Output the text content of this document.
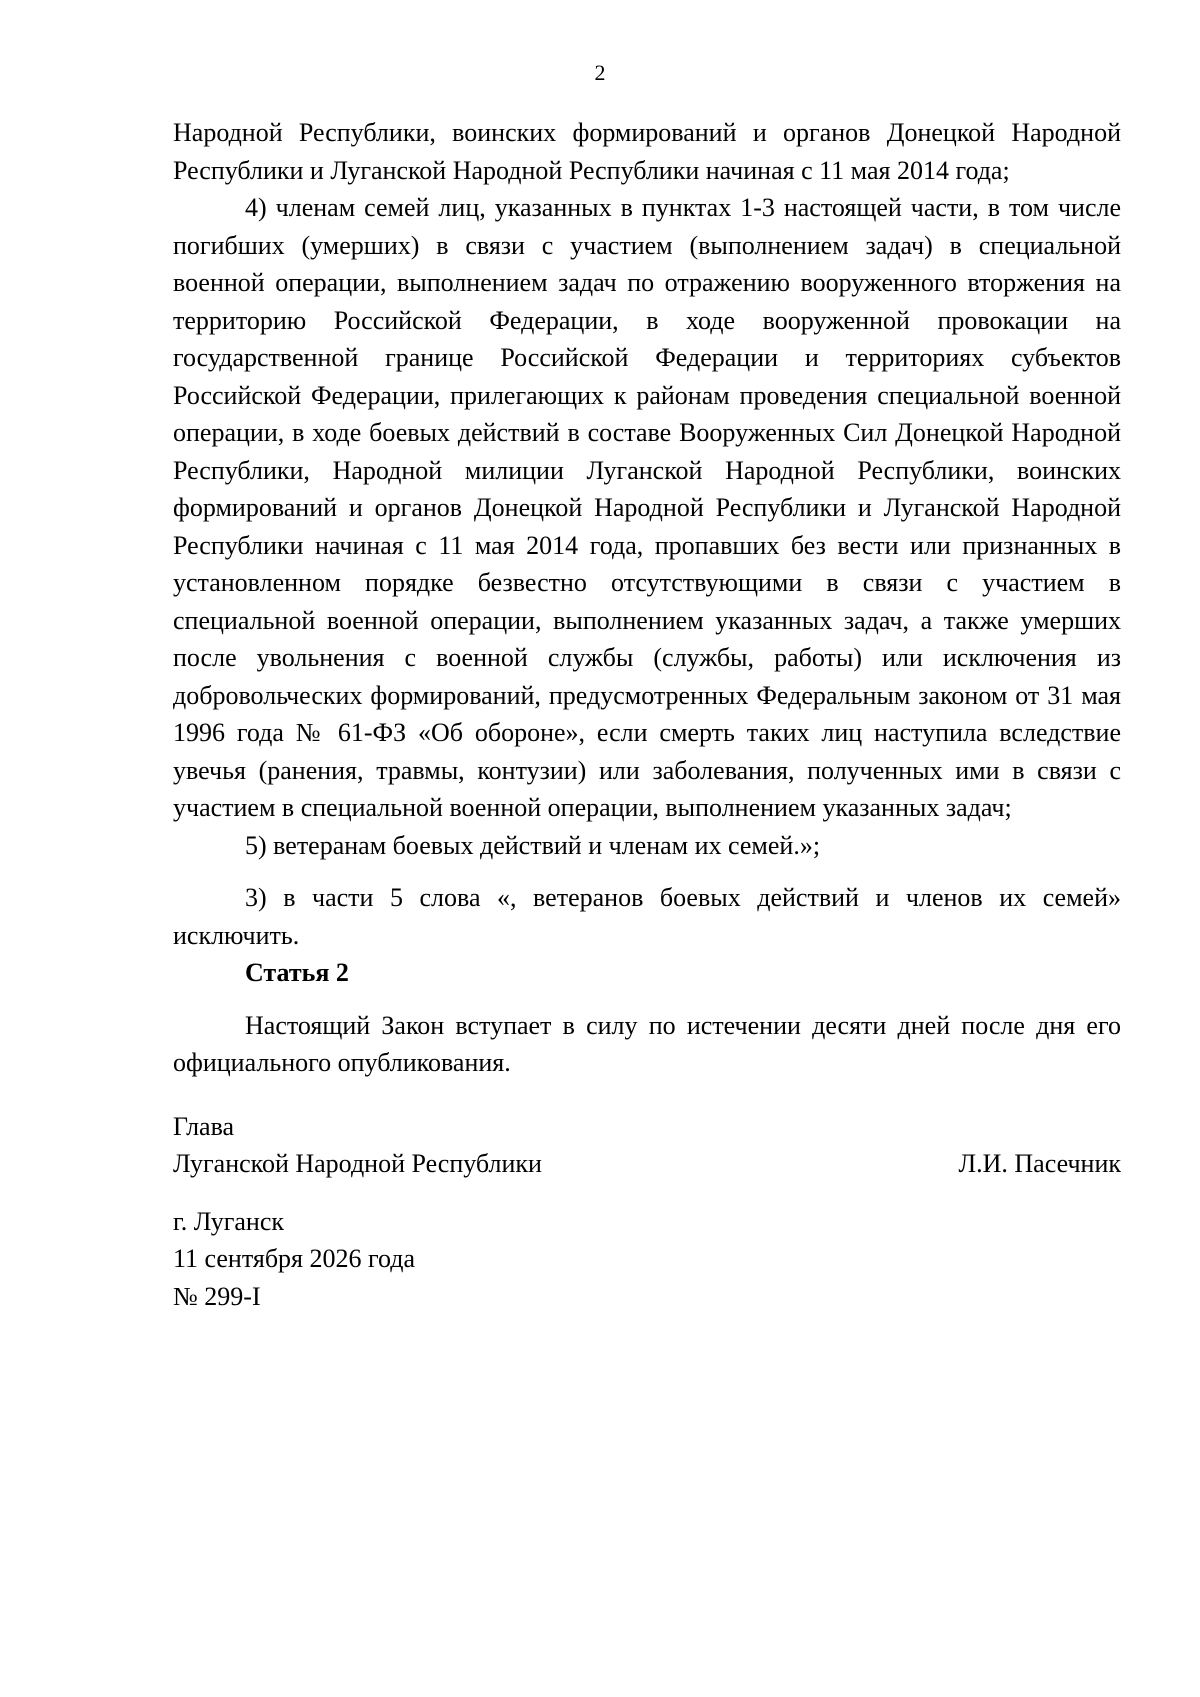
2

Народной Республики, воинских формирований и органов Донецкой Народной Республики и Луганской Народной Республики начиная с 11 мая 2014 года;

4) членам семей лиц, указанных в пунктах 1-3 настоящей части, в том числе погибших (умерших) в связи с участием (выполнением задач) в специальной военной операции, выполнением задач по отражению вооруженного вторжения на территорию Российской Федерации, в ходе вооруженной провокации на государственной границе Российской Федерации и территориях субъектов Российской Федерации, прилегающих к районам проведения специальной военной операции, в ходе боевых действий в составе Вооруженных Сил Донецкой Народной Республики, Народной милиции Луганской Народной Республики, воинских формирований и органов Донецкой Народной Республики и Луганской Народной Республики начиная с 11 мая 2014 года, пропавших без вести или признанных в установленном порядке безвестно отсутствующими в связи с участием в специальной военной операции, выполнением указанных задач, а также умерших после увольнения с военной службы (службы, работы) или исключения из добровольческих формирований, предусмотренных Федеральным законом от 31 мая 1996 года № 61-ФЗ «Об обороне», если смерть таких лиц наступила вследствие увечья (ранения, травмы, контузии) или заболевания, полученных ими в связи с участием в специальной военной операции, выполнением указанных задач;

5) ветеранам боевых действий и членам их семей.»;

3) в части 5 слова «, ветеранов боевых действий и членов их семей» исключить.

Статья 2

Настоящий Закон вступает в силу по истечении десяти дней после дня его официального опубликования.

Глава
Луганской Народной Республики	Л.И. Пасечник
г. Луганск
11 сентября 2026 года
№ 299-I
